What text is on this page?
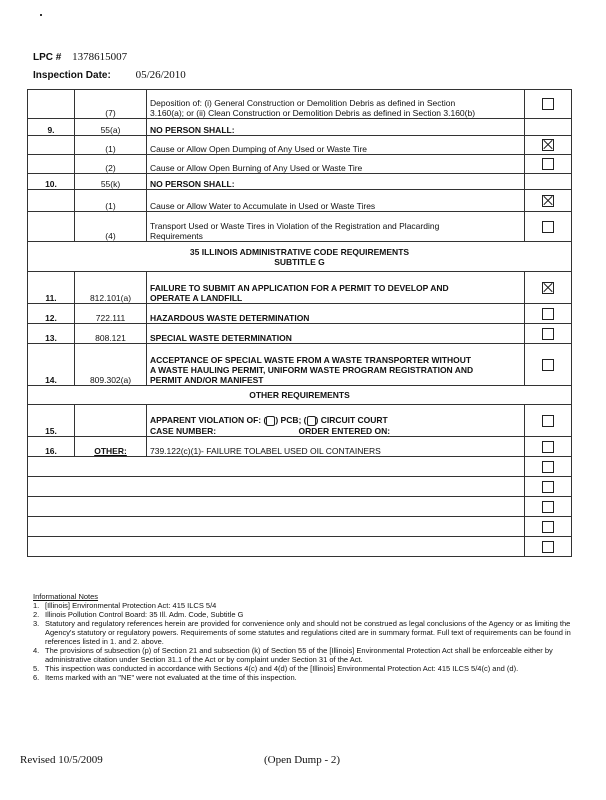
LPC # 1378615007
Inspection Date: 05/26/2010
	(7)	Deposition of: (i) General Construction or Demolition Debris as defined in Section
3.160(a); or (ii) Clean Construction or Demolition Debris as defined in Section 3.160(b)	

9.	55(a)	NO PERSON SHALL:	
	(1)	Cause or Allow Open Dumping of Any Used or Waste Tire	
	(2)	Cause or Allow Open Burning of Any Used or Waste Tire	
10.	55(k)	NO PERSON SHALL:	
	(1)	Cause or Allow Water to Accumulate in Used or Waste Tires	
	(4)	Transport Used or Waste Tires in Violation of the Registration and Placarding
Requirements	

35 ILLINOIS ADMINISTRATIVE CODE REQUIREMENTS
SUBTITLE G			

11.	812.101(a)	FAILURE TO SUBMIT AN APPLICATION FOR A PERMIT TO DEVELOP AND
OPERATE A LANDFILL	

12.	722.111	HAZARDOUS WASTE DETERMINATION	
13.	808.121	SPECIAL WASTE DETERMINATION	
14.	809.302(a)	ACCEPTANCE OF SPECIAL WASTE FROM A WASTE TRANSPORTER WITHOUT
A WASTE HAULING PERMIT, UNIFORM WASTE PROGRAM REGISTRATION AND
PERMIT AND/OR MANIFEST	

OTHER REQUIREMENTS			
15.		APPARENT VIOLATION OF: ( ) PCB; ( ) CIRCUIT COURT
CASE NUMBER: ORDER ENTERED ON:	

16.	OTHER:	739.122(c)(1)- FAILURE TOLABEL USED OIL CONTAINERS	

Informational Notes
1. [Illinois] Environmental Protection Act: 415 ILCS 5/4
2. Illinois Pollution Control Board: 35 Ill. Adm. Code, Subtitle G
3. Statutory and regulatory references herein are provided for convenience only and should not be construed as legal conclusions of the Agency or as limiting the Agency's statutory or regulatory powers. Requirements of some statutes and regulations cited are in summary format. Full text of requirements can be found in references listed in 1. and 2. above.
4. The provisions of subsection (p) of Section 21 and subsection (k) of Section 55 of the [Illinois] Environmental Protection Act shall be enforceable either by administrative citation under Section 31.1 of the Act or by complaint under Section 31 of the Act.
5. This inspection was conducted in accordance with Sections 4(c) and 4(d) of the [Illinois] Environmental Protection Act: 415 ILCS 5/4(c) and (d).
6. Items marked with an "NE" were not evaluated at the time of this inspection.
Revised 10/5/2009	(Open Dump - 2)
